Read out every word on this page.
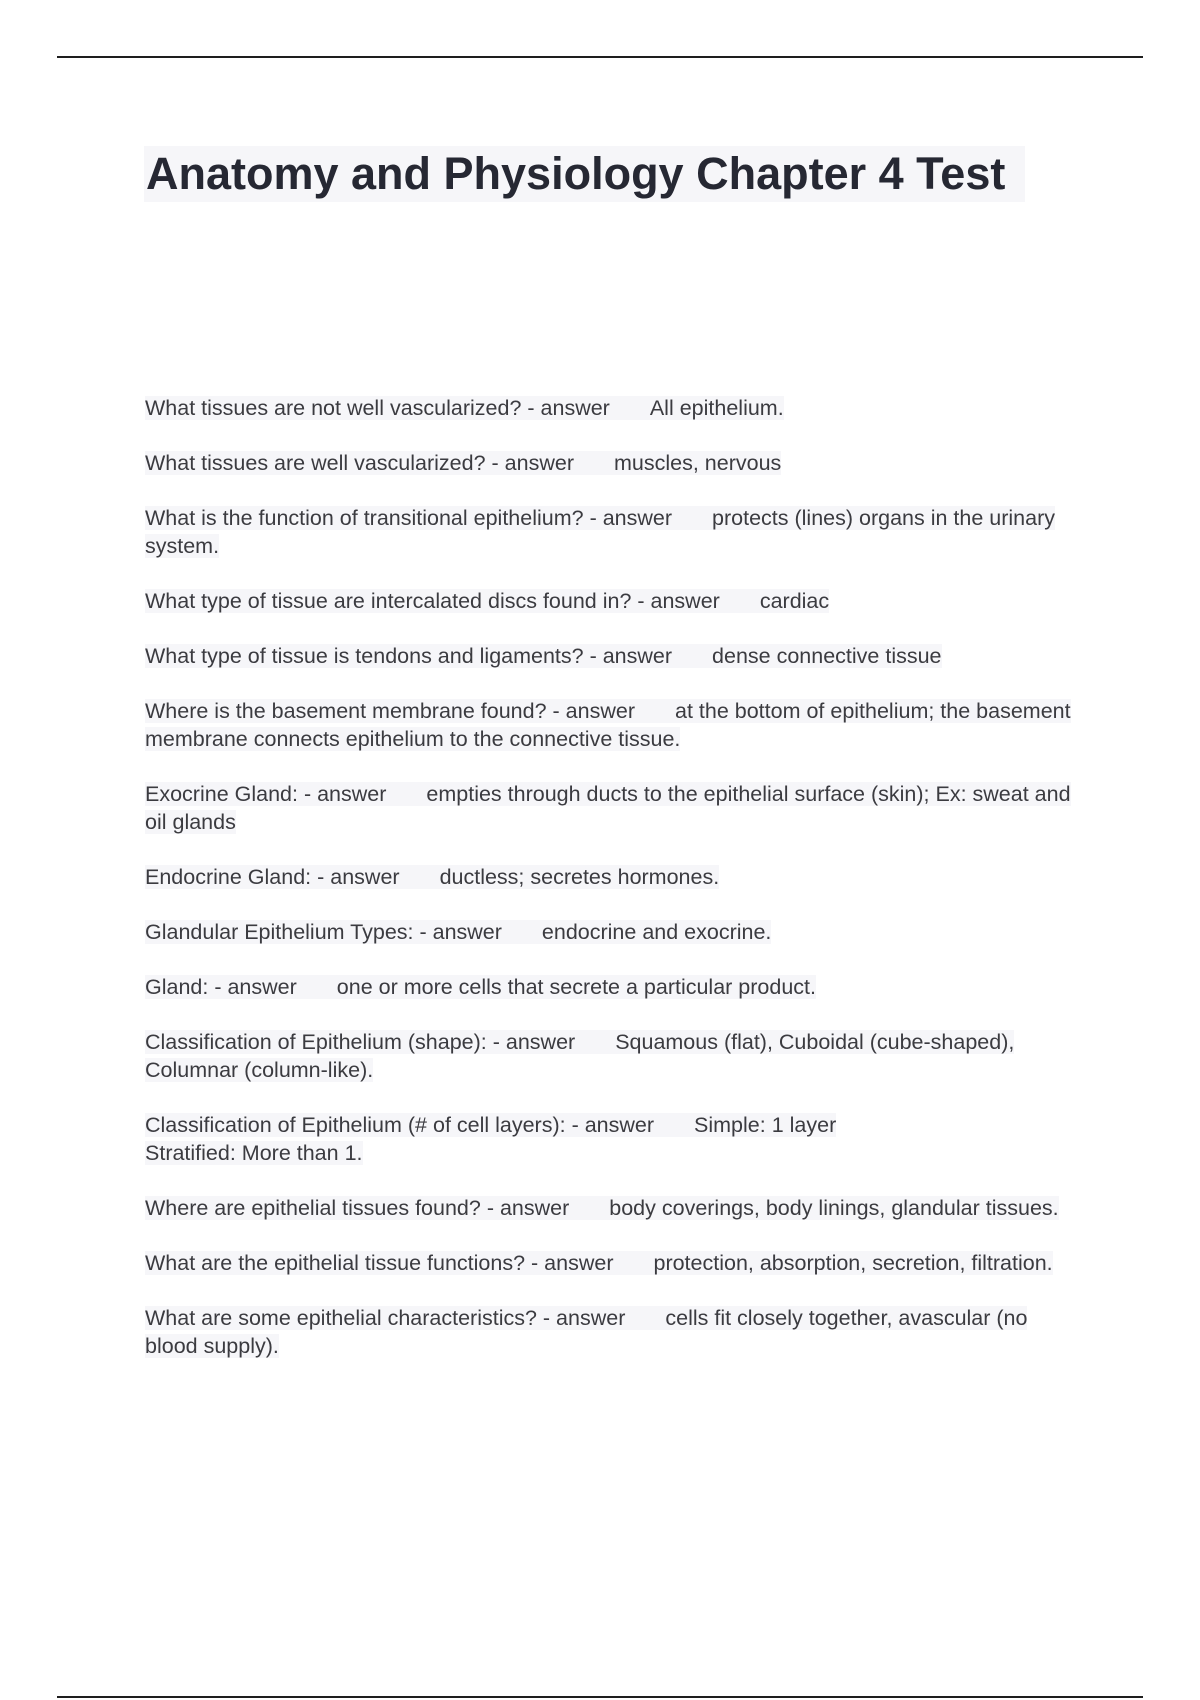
Anatomy and Physiology Chapter 4 Test
What tissues are not well vascularized? - answer All epithelium.
What tissues are well vascularized? - answer muscles, nervous
What is the function of transitional epithelium? - answer protects (lines) organs in the urinary system.
What type of tissue are intercalated discs found in? - answer cardiac
What type of tissue is tendons and ligaments? - answer dense connective tissue
Where is the basement membrane found? - answer at the bottom of epithelium; the basement membrane connects epithelium to the connective tissue.
Exocrine Gland: - answer empties through ducts to the epithelial surface (skin); Ex: sweat and oil glands
Endocrine Gland: - answer ductless; secretes hormones.
Glandular Epithelium Types: - answer endocrine and exocrine.
Gland: - answer one or more cells that secrete a particular product.
Classification of Epithelium (shape): - answer Squamous (flat), Cuboidal (cube-shaped), Columnar (column-like).
Classification of Epithelium (# of cell layers): - answer Simple: 1 layer
Stratified: More than 1.
Where are epithelial tissues found? - answer body coverings, body linings, glandular tissues.
What are the epithelial tissue functions? - answer protection, absorption, secretion, filtration.
What are some epithelial characteristics? - answer cells fit closely together, avascular (no blood supply).
